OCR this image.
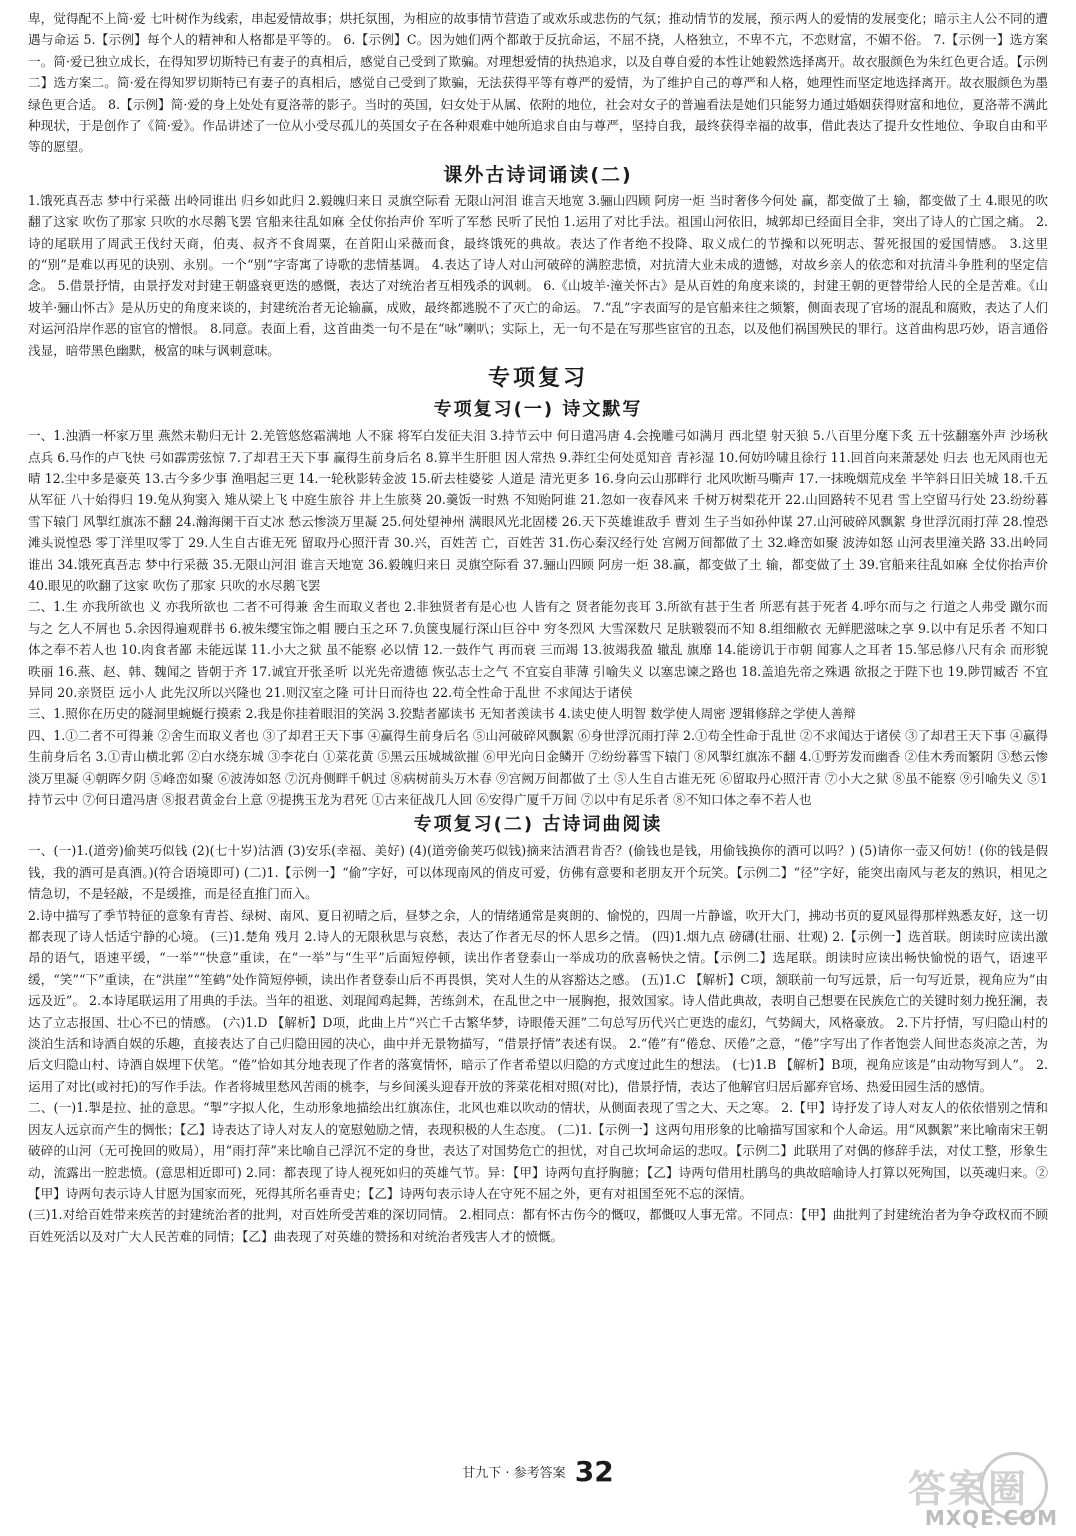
卑，觉得配不上简·爱 七叶树作为线索，串起爱情故事；烘托氛围，为相应的故事情节营造了或欢乐或悲伤的气氛；推动情节的发展，预示两人的爱情的发展变化；暗示主人公不同的遭遇与命运 5.【示例】每个人的精神和人格都是平等的。 6.【示例】C。因为她们两个都敢于反抗命运，不屈不挠，人格独立，不卑不亢，不恋财富，不媚不俗。 7.【示例一】选方案一。简·爱已独立成长，在得知罗切斯特已有妻子的真相后，感觉自己受到了欺骗。对理想爱情的执热追求，以及自尊自爱的本性让她毅然选择离开。故衣服颜色为朱红色更合适。【示例二】选方案二。简·爱在得知罗切斯特已有妻子的真相后，感觉自己受到了欺骗，无法获得平等有尊严的爱情，为了维护自己的尊严和人格，她理性而坚定地选择离开。故衣服颜色为墨绿色更合适。 8.【示例】简·爱的身上处处有夏洛蒂的影子。当时的英国，妇女处于从属、依附的地位，社会对女子的普遍看法是她们只能努力通过婚姻获得财富和地位，夏洛蒂不满此种现状，于是创作了《简·爱》。作品讲述了一位从小受尽孤儿的英国女子在各种艰难中她所追求自由与尊严，坚持自我，最终获得幸福的故事，借此表达了提升女性地位、争取自由和平等的愿望。

课外古诗词诵读(二)

1.饿死真吾志 梦中行采薇 出岭同谁出 归乡如此归 2.毅魄归来日 灵旗空际看 无限山河泪 谁言天地宽 3.骊山四顾 阿房一炬 当时奢侈今何处 赢，都变做了土 输，都变做了土 4.眼见的吹翻了这家 吹伤了那家 只吹的水尽鹅飞罢 官船来往乱如麻 全仗你抬声价 军听了军愁 民听了民怕 1.运用了对比手法。祖国山河依旧，城郭却已经面目全非，突出了诗人的亡国之痛。 2.诗的尾联用了周武王伐纣天商，伯夷、叔齐不食周粟，在首阳山采薇而食，最终饿死的典故。表达了作者绝不投降、取义成仁的节操和以死明志、誓死报国的爱国情感。 3.这里的“别”是难以再见的诀别、永别。一个“别”字寄寓了诗歌的悲情基调。 4.表达了诗人对山河破碎的满腔悲愤，对抗清大业未成的遗憾，对故乡亲人的依恋和对抗清斗争胜利的坚定信念。 5.借景抒情，由景抒发对封建王朝盛衰更迭的感慨，表达了对统治者互相残杀的讽刺。 6.《山坡羊·潼关怀古》是从百姓的角度来谈的，封建王朝的更替带给人民的全是苦难。《山坡羊·骊山怀古》是从历史的角度来谈的，封建统治者无论输赢，成败，最终都逃脱不了灭亡的命运。 7.“乱”字表面写的是官船来往之频繁，侧面表现了官场的混乱和腐败，表达了人们对运河沿岸作恶的宦官的憎恨。 8.同意。表面上看，这首曲类一句不是在“咏”喇叭；实际上，无一句不是在写那些宦官的丑态，以及他们祸国殃民的罪行。这首曲构思巧妙，语言通俗浅显，暗带黑色幽默，极富的味与讽刺意味。

专项复习
专项复习(一) 诗文默写

一、1.浊酒一杯家万里 燕然未勒归无计 2.羌管悠悠霜满地 人不寐 将军白发征夫泪 3.持节云中 何日遣冯唐 4.会挽雕弓如满月 西北望 射天狼 5.八百里分麾下炙 五十弦翻塞外声 沙场秋点兵 6.马作的卢飞快 弓如霹雳弦惊 7.了却君王天下事 赢得生前身后名 8.算半生肝胆 因人常热 9.莽红尘何处觅知音 青衫湿 10.何妨吟啸且徐行 11.回首向来萧瑟处 归去 也无风雨也无晴 12.尘中多是豪英 13.古今多少事 渔唱起三更 14.一轮秋影转金波 15.斫去桂婆娑 人道是 清光更多 16.身向云山那畔行 北风吹断马嘶声 17.一抹晚烟荒戍垒 半竿斜日旧关城 18.千五从军征 八十始得归 19.兔从狗窦入 雉从梁上飞 中庭生旅谷 井上生旅葵 20.羹饭一时熟 不知贻阿谁 21.忽如一夜春风来 千树万树梨花开 22.山回路转不见君 雪上空留马行处 23.纷纷暮雪下辕门 风掣红旗冻不翻 24.瀚海阑干百丈冰 愁云惨淡万里凝 25.何处望神州 满眼风光北固楼 26.天下英雄谁敌手 曹刘 生子当如孙仲谋 27.山河破碎风飘絮 身世浮沉雨打萍 28.惶恐滩头说惶恐 零丁洋里叹零丁 29.人生自古谁无死 留取丹心照汗青 30.兴，百姓苦 亡，百姓苦 31.伤心秦汉经行处 宫阙万间都做了土 32.峰峦如聚 波涛如怒 山河表里潼关路 33.出岭同谁出 34.饿死真吾志 梦中行采薇 35.无限山河泪 谁言天地宽 36.毅魄归来日 灵旗空际看 37.骊山四顾 阿房一炬 38.赢，都变做了土 输，都变做了土 39.官船来往乱如麻 全仗你抬声价 40.眼见的吹翻了这家 吹伤了那家 只吹的水尽鹅飞罢

二、1.生 亦我所欲也 义 亦我所欲也 二者不可得兼 舍生而取义者也 2.非独贤者有是心也 人皆有之 贤者能勿丧耳 3.所欲有甚于生者 所恶有甚于死者 4.呼尔而与之 行道之人弗受 蹴尔而与之 乞人不屑也 5.余因得遍观群书 6.被朱缨宝饰之帽 腰白玉之环 7.负箧曳屣行深山巨谷中 穷冬烈风 大雪深数尺 足肤皲裂而不知 8.组细敝衣 无鲜肥滋味之享 9.以中有足乐者 不知口体之奉不若人也 10.肉食者鄙 未能远谋 11.小大之狱 虽不能察 必以情 12.一鼓作气 再而衰 三而竭 13.彼竭我盈 辙乱 旗靡 14.能谤讥于市朝 闻寡人之耳者 15.邹忌修八尺有余 而形貌昳丽 16.燕、赵、韩、魏闻之 皆朝于齐 17.诚宜开张圣听 以光先帝遗德 恢弘志士之气 不宜妄自菲薄 引喻失义 以塞忠谏之路也 18.盖追先帝之殊遇 欲报之于陛下也 19.陟罚臧否 不宜异同 20.亲贤臣 远小人 此先汉所以兴隆也 21.则汉室之隆 可计日而待也 22.苟全性命于乱世 不求闻达于诸侯

三、1.照你在历史的隧洞里蜿蜒行摸索 2.我是你挂着眼泪的笑涡 3.狡黠者鄙读书 无知者羡读书 4.读史使人明智 数学使人周密 逻辑修辞之学使人善辩

四、1.①二者不可得兼 ②舍生而取义者也 ③了却君王天下事 ④赢得生前身后名 ⑤山河破碎风飘絮 ⑥身世浮沉雨打萍 2.①苟全性命于乱世 ②不求闻达于诸侯 ③了却君王天下事 ④赢得生前身后名 3.①青山横北郭 ②白水绕东城 ③李花白 ①菜花黄 ⑤黑云压城城欲摧 ⑥甲光向日金鳞开 ⑦纷纷暮雪下辕门 ⑧风掣红旗冻不翻 4.①野芳发而幽香 ②佳木秀而繁阴 ③愁云惨淡万里凝 ④朝晖夕阴 ⑤峰峦如聚 ⑥波涛如怒 ⑦沉舟侧畔千帆过 ⑧病树前头万木春 ⑨宫阙万间都做了土 ⑤人生自古谁无死 ⑥留取丹心照汗青 ⑦小大之狱 ⑧虽不能察 ⑨引喻失义 ⑤1 持节云中 ⑦何日遣冯唐 ⑧报君黄金台上意 ⑨提携玉龙为君死 ①古来征战几人回 ⑥安得广厦千万间 ⑦以中有足乐者 ⑧不知口体之奉不若人也

专项复习(二) 古诗词曲阅读

一、(一)1.(道旁)偷荚巧似钱 (2)(七十岁)沽酒 (3)安乐(幸福、美好) (4)(道旁偷荚巧似钱)摘来沽酒君肯否？(偷钱也是钱，用偷钱换你的酒可以吗？) (5)请你一壶又何妨！(你的钱是假钱，我的酒可是真酒。)(符合语境即可) (二)1.【示例一】“偷”字好，可以体现南风的俏皮可爱，仿佛有意要和老朋友开个玩笑。【示例二】“径”字好，能突出南风与老友的熟识，相见之情急切，不是轻敲，不是缓推，而是径直推门而入。

2.诗中描写了季节特征的意象有青苔、绿树、南风、夏日初晴之后，昼梦之余，人的情绪通常是爽朗的、愉悦的，四周一片静谧，吹开大门，拂动书页的夏风显得那样熟悉友好，这一切都表现了诗人恬适宁静的心境。 (三)1.楚角 残月 2.诗人的无限秋思与哀愁，表达了作者无尽的怀人思乡之情。 (四)1.烟九点 磅礴(壮丽、壮观) 2.【示例一】选首联。朗读时应读出激昂的语气，语速平缓，“一举”“快意”重读，在“一举”与“生平”后面短停顿，读出作者登泰山一举成功的欣喜畅快之情。【示例二】选尾联。朗读时应读出畅快愉悦的语气，语速平缓，“笑”“下”重读，在“洪崖”“笙鹤”处作简短停顿，读出作者登泰山后不再畏惧，笑对人生的从容豁达之感。 (五)1.C 【解析】C项，颔联前一句写远景，后一句写近景，视角应为“由远及近”。 2.本诗尾联运用了用典的手法。当年的祖逖、刘琨闻鸡起舞，苦练剑术，在乱世之中一展胸抱，报效国家。诗人借此典故，表明自己想要在民族危亡的关键时刻力挽狂澜，表达了立志报国、壮心不已的情感。 (六)1.D 【解析】D项，此曲上片“兴亡千古繁华梦，诗眼倦天涯”二句总写历代兴亡更迭的虚幻，气势阔大，风格豪放。 2.下片抒情，写归隐山村的淡泊生活和诗酒自娱的乐趣，直接表达了自己归隐田园的决心，曲中并无景物描写，“借景抒情”表述有误。 2.“倦”有“倦怠、厌倦”之意，“倦”字写出了作者饱尝人间世态炎凉之苦，为后文归隐山村、诗酒自娱埋下伏笔。“倦”恰如其分地表现了作者的落寞情怀，暗示了作者希望以归隐的方式度过此生的想法。 (七)1.B 【解析】B项，视角应该是“由动物写到人”。 2.运用了对比(或衬托)的写作手法。作者将城里愁风苦雨的桃李，与乡间溪头迎春开放的荠菜花相对照(对比)，借景抒情，表达了他解官归居后鄙弃官场、热爱田园生活的感情。

二、(一)1.掣是拉、扯的意思。“掣”字拟人化，生动形象地描绘出红旗冻住，北风也难以吹动的情状，从侧面表现了雪之大、天之寒。 2.【甲】诗抒发了诗人对友人的依依惜别之情和因友人远京而产生的惆怅；【乙】诗表达了诗人对友人的宽慰勉励之情，表现积极的人生态度。 (二)1.【示例一】这两句用形象的比喻描写国家和个人命运。用“风飘絮”来比喻南宋王朝破碎的山河（无可挽回的败局），用“雨打萍”来比喻自己浮沉不定的身世，表达了对国势危亡的担忧，对自己坎坷命运的悲叹。【示例二】此联用了对偶的修辞手法，对仗工整，形象生动，流露出一腔悲愤。(意思相近即可) 2.同：都表现了诗人视死如归的英雄气节。异：【甲】诗两句直抒胸臆；【乙】诗两句借用杜鹃鸟的典故暗喻诗人打算以死殉国，以英魂归来。②【甲】诗两句表示诗人甘愿为国家而死，死得其所名垂青史；【乙】诗两句表示诗人在守死不屈之外，更有对祖国至死不忘的深情。

(三)1.对给百姓带来疾苦的封建统治者的批判，对百姓所受苦难的深切同情。 2.相同点：都有怀古伤今的慨叹，都慨叹人事无常。不同点：【甲】曲批判了封建统治者为争夺政权而不顾百姓死活以及对广大人民苦难的同情；【乙】曲表现了对英雄的赞扬和对统治者残害人才的愤慨。

甘九下 · 参考答案 32	答案圈
MXQE.COM
